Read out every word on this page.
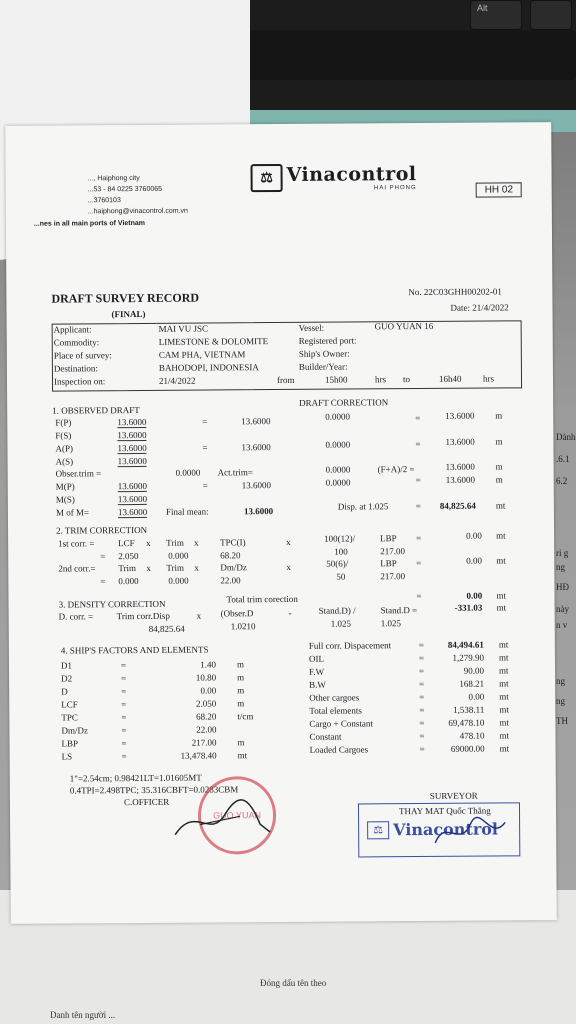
Alt
Đóng dấu tên theo
Danh tên người ...
Dành
.6.1
6.2
ri g
ng
HĐ
này
n v
ng
ng
TH
..., Haiphong city
...53 - 84 0225 3760065
...3760103
...haiphong@vinacontrol.com.vn
...nes in all main ports of Vietnam
⚖ Vinacontrol
HAI PHONG	HH 02
DRAFT SURVEY RECORD
(FINAL)
No. 22C03GHH00202-01
Date: 21/4/2022
Applicant:	MAI VU JSC
Commodity:	LIMESTONE & DOLOMITE
Place of survey:	CAM PHA, VIETNAM
Destination:	BAHODOPI, INDONESIA
Inspection on:	21/4/2022	from	15h00	hrs to	16h40 hrs
Vessel:	GUO YUAN 16
Registered port:
Ship's Owner:
Builder/Year:
1. OBSERVED DRAFT
DRAFT CORRECTION
F(P)	13.6000	=	13.6000	0.0000	=	13.6000 m
F(S)	13.6000
A(P)	13.6000	=	13.6000	0.0000	=	13.6000 m
A(S)	13.6000
Obser.trim =	0.0000 Act.trim=	0.0000	(F+A)/2 =	13.6000 m
M(P)	13.6000	=	13.6000	0.0000	=	13.6000 m
M(S)	13.6000
M of M=	13.6000 Final mean:	13.6000	Disp. at 1.025	= 84,825.64 mt
2. TRIM CORRECTION
1st corr. =	LCF x Trim x TPC(I)	x	100(12)/	LBP =	0.00 mt
= 2.050	0.000	68.20	100	217.00
2nd corr.=	Trim x Trim x Dm/Dz	x	50(6)/	LBP =	0.00 mt
= 0.000	0.000	22.00	50	217.00
3. DENSITY CORRECTION	Total trim corection	=	0.00 mt
D. corr. =	Trim corr.Disp	x (Obser.D	-	Stand.D) /	Stand.D =	-331.03 mt
84,825.64	1.0210	1.025	1.025
4. SHIP'S FACTORS AND ELEMENTS
D1	=	1.40 m
D2	=	10.80 m
D	=	0.00 m
LCF	=	2.050 m
TPC	=	68.20 t/cm
Dm/Dz	=	22.00
LBP	=	217.00 m
LS	=	13,478.40 mt
Full corr. Dispacement	=	84,494.61 mt
OIL	=	1,279.90 mt
F.W	=	90.00 mt
B.W	=	168.21 mt
Other cargoes	=	0.00 mt
Total elements	=	1,538.11 mt
Cargo + Constant	=	69,478.10 mt
Constant	=	478.10 mt
Loaded Cargoes	=	69000.00 mt
1"=2.54cm; 0.98421LT=1.01605MT
0.4TPI=2.498TPC; 35.316CBFT=0.0283CBM
C.OFFICER
SURVEYOR
GUO YUAN	THAY MAT Quốc Thắng
⚖ Vinacontrol
